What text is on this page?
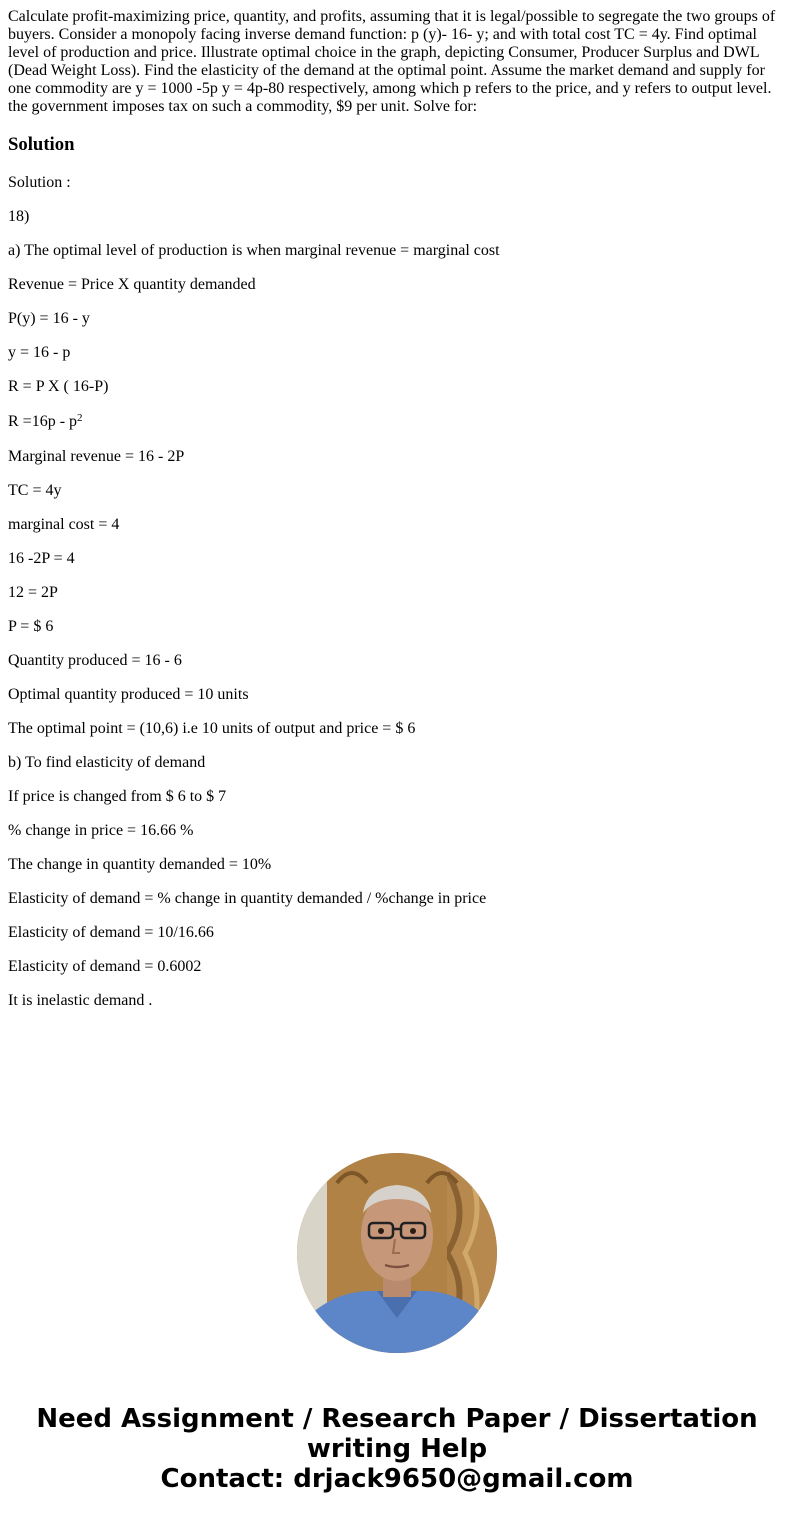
Calculate profit-maximizing price, quantity, and profits, assuming that it is legal/possible to segregate the two groups of buyers. Consider a monopoly facing inverse demand function: p (y)- 16- y; and with total cost TC = 4y. Find optimal level of production and price. Illustrate optimal choice in the graph, depicting Consumer, Producer Surplus and DWL (Dead Weight Loss). Find the elasticity of the demand at the optimal point. Assume the market demand and supply for one commodity are y = 1000 -5p y = 4p-80 respectively, among which p refers to the price, and y refers to output level. the government imposes tax on such a commodity, $9 per unit. Solve for:

Solution
Solution :
18)
a) The optimal level of production is when marginal revenue = marginal cost
Revenue = Price X quantity demanded
P(y) = 16 - y
y = 16 - p
R = P X ( 16-P)
$R =16p - p^2$
Marginal revenue = 16 - 2P
TC = 4y
marginal cost = 4
16 -2P = 4
12 = 2P
P = $ 6
Quantity produced = 16 - 6
Optimal quantity produced = 10 units
The optimal point = (10,6) i.e 10 units of output and price = $ 6
b) To find elasticity of demand
If price is changed from $ 6 to $ 7
% change in price = 16.66 %
The change in quantity demanded = 10%
Elasticity of demand = % change in quantity demanded / %change in price
Elasticity of demand = 10/16.66
Elasticity of demand = 0.6002
It is inelastic demand .
Need Assignment / Research Paper / Dissertation
writing Help
Contact: drjack9650@gmail.com
